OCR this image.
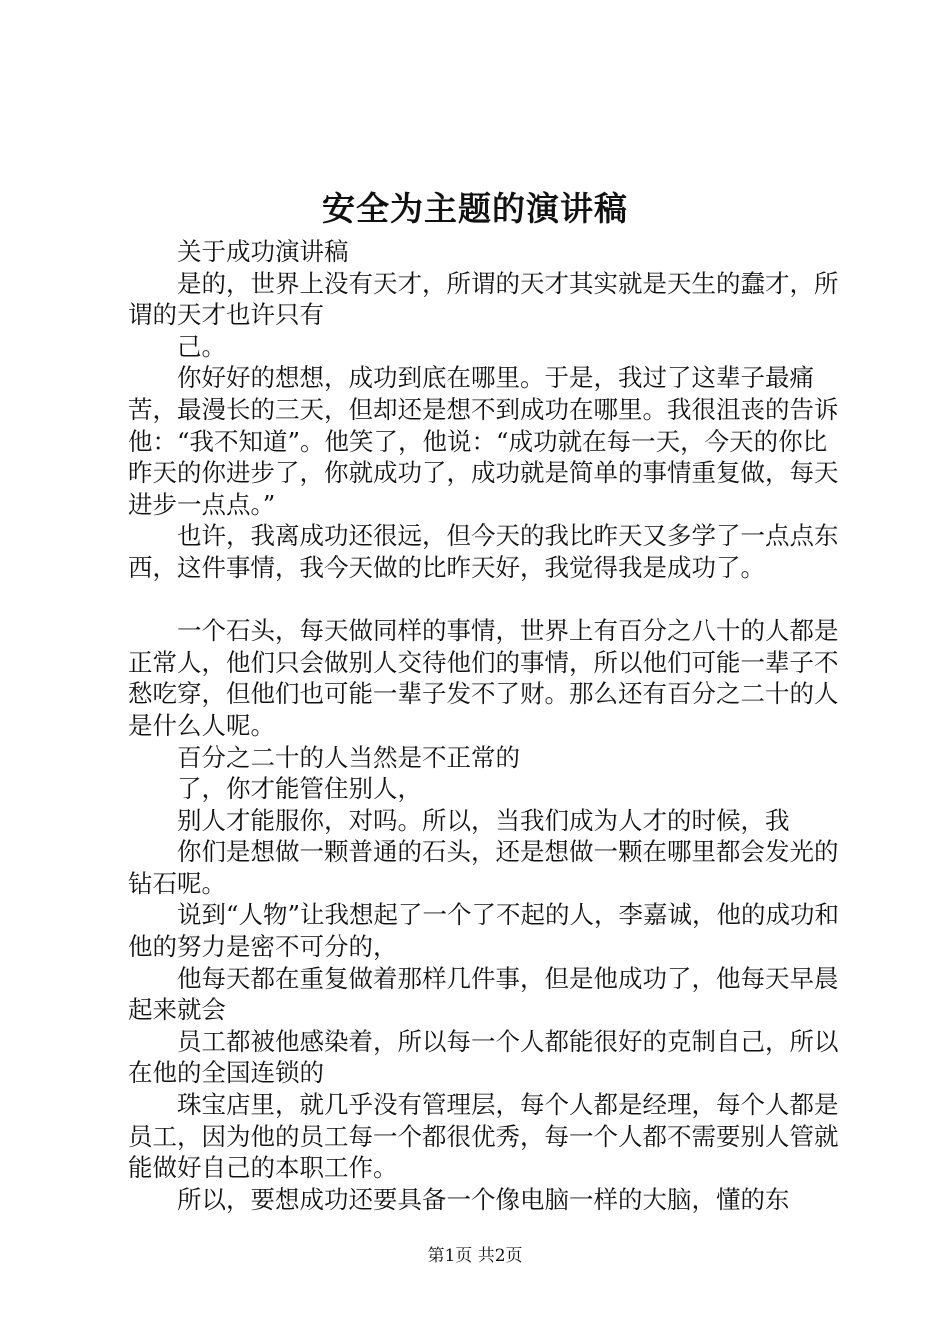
安全为主题的演讲稿

关于成功演讲稿

是的，世界上没有天才，所谓的天才其实就是天生的蠢才，所谓的天才也许只有

己。

你好好的想想，成功到底在哪里。于是，我过了这辈子最痛苦，最漫长的三天，但却还是想不到成功在哪里。我很沮丧的告诉他：“我不知道”。他笑了，他说：“成功就在每一天，今天的你比昨天的你进步了，你就成功了，成功就是简单的事情重复做，每天进步一点点。”

也许，我离成功还很远，但今天的我比昨天又多学了一点点东西，这件事情，我今天做的比昨天好，我觉得我是成功了。

一个石头，每天做同样的事情，世界上有百分之八十的人都是正常人，他们只会做别人交待他们的事情，所以他们可能一辈子不愁吃穿，但他们也可能一辈子发不了财。那么还有百分之二十的人是什么人呢。

百分之二十的人当然是不正常的

了，你才能管住别人，

别人才能服你，对吗。所以，当我们成为人才的时候，我

你们是想做一颗普通的石头，还是想做一颗在哪里都会发光的钻石呢。

说到“人物”让我想起了一个了不起的人，李嘉诚，他的成功和他的努力是密不可分的，

他每天都在重复做着那样几件事，但是他成功了，他每天早晨起来就会

员工都被他感染着，所以每一个人都能很好的克制自己，所以在他的全国连锁的

珠宝店里，就几乎没有管理层，每个人都是经理，每个人都是员工，因为他的员工每一个都很优秀，每一个人都不需要别人管就能做好自己的本职工作。

所以，要想成功还要具备一个像电脑一样的大脑，懂的东

第1页 共2页
